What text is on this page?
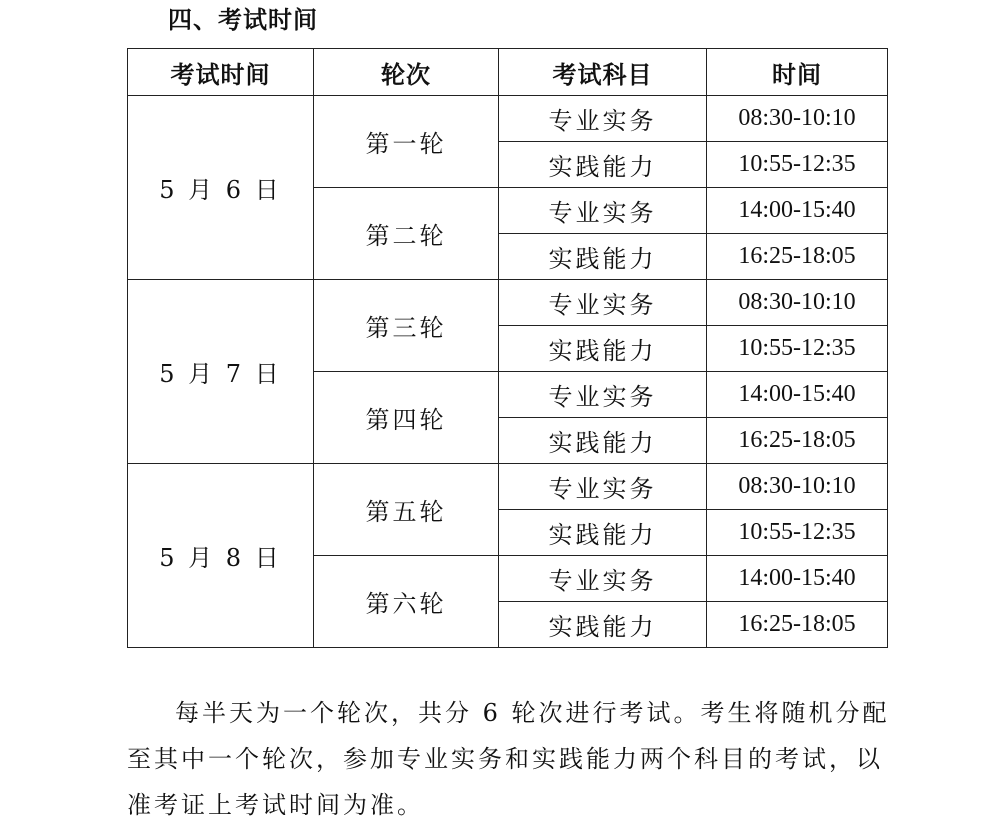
四、考试时间
考试时间	轮次	考试科目	时间
5 月 6 日	第一轮	专业实务	08:30-10:10
		实践能力	10:55-12:35
	第二轮	专业实务	14:00-15:40
		实践能力	16:25-18:05
5 月 7 日	第三轮	专业实务	08:30-10:10
		实践能力	10:55-12:35
	第四轮	专业实务	14:00-15:40
		实践能力	16:25-18:05
5 月 8 日	第五轮	专业实务	08:30-10:10
		实践能力	10:55-12:35
	第六轮	专业实务	14:00-15:40
		实践能力	16:25-18:05

每半天为一个轮次，共分 6 轮次进行考试。考生将随机分配至其中一个轮次，参加专业实务和实践能力两个科目的考试，以准考证上考试时间为准。
